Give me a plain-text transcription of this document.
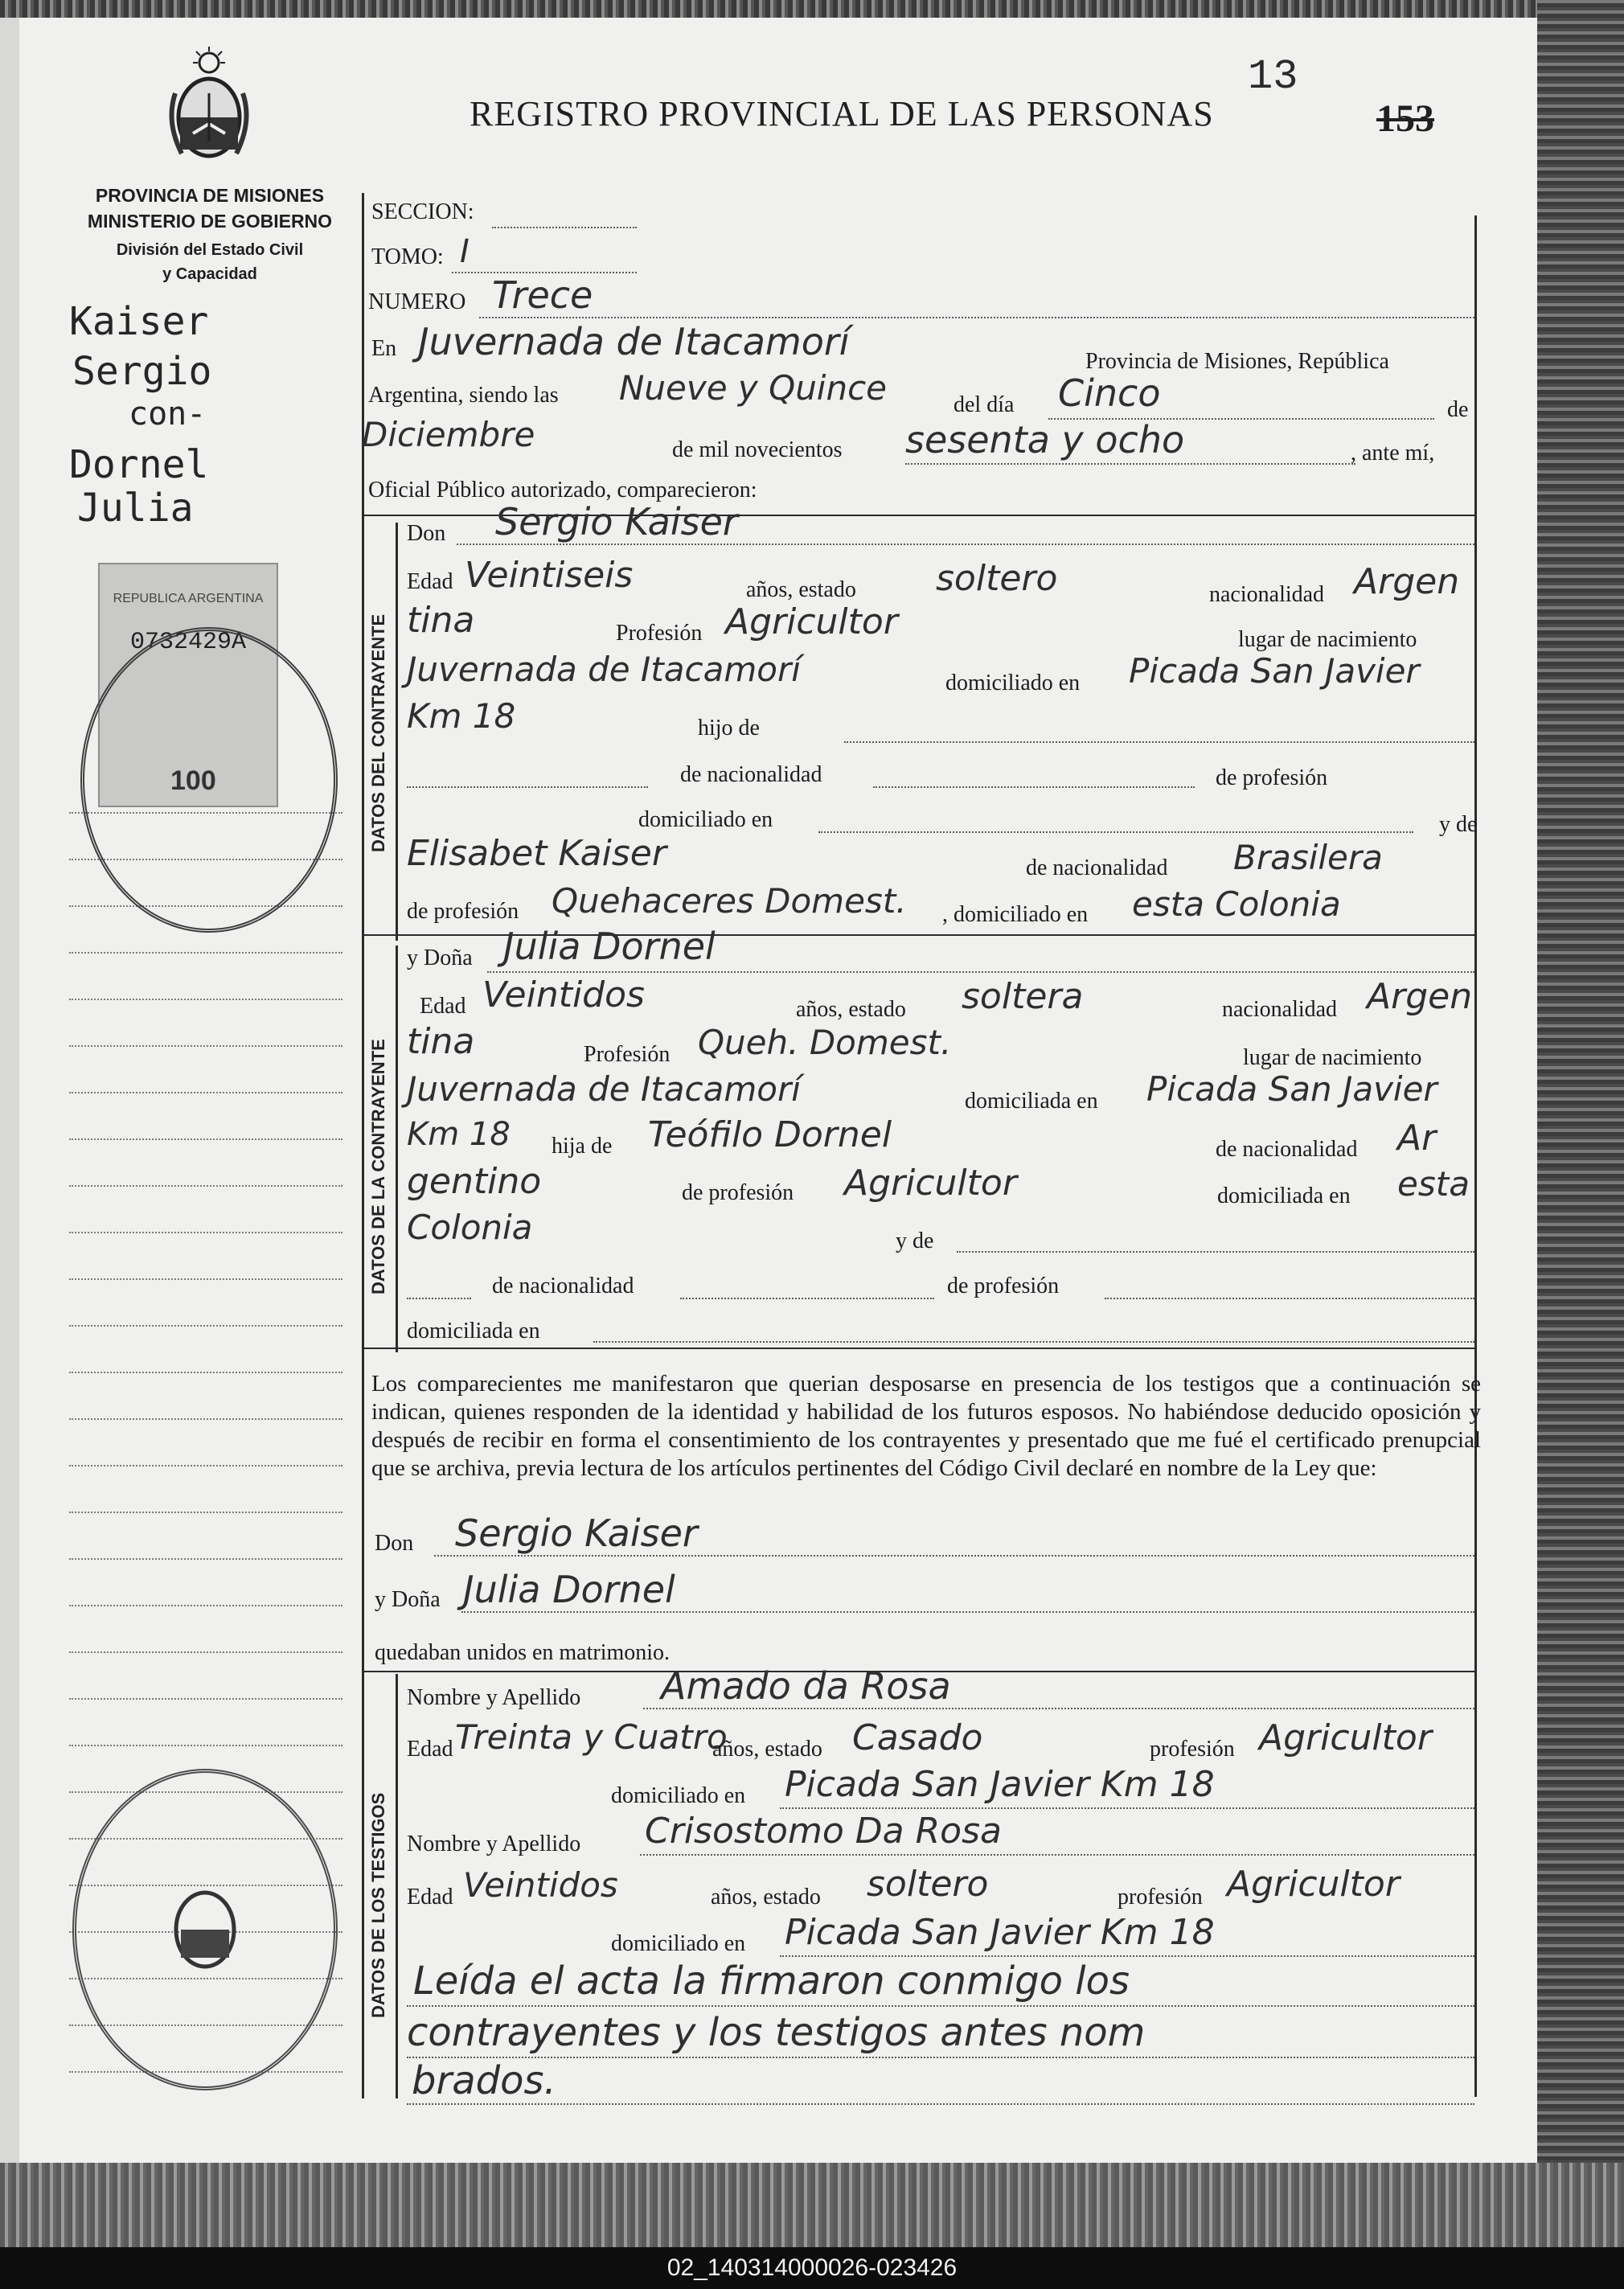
13
REGISTRO PROVINCIAL DE LAS PERSONAS	153
PROVINCIA DE MISIONES
MINISTERIO DE GOBIERNO
División del Estado Civil
y Capacidad
Kaiser
Sergio
con-
Dornel
Julia
REPUBLICA ARGENTINA
0732429A
100	DATOS DEL CONTRAYENTE
DATOS DE LA CONTRAYENTE
DATOS DE LOS TESTIGOS
SECCION:
TOMO: I
NUMERO Trece
En Juvernada de Itacamorí	Provincia de Misiones, República
Argentina, siendo las Nueve y Quince	del día Cinco	de
Diciembre	de mil novecientos sesenta y ocho	, ante mí,
Oficial Público autorizado, comparecieron:
Don Sergio Kaiser
Edad Veintiseis	años, estado soltero	nacionalidad Argen
tina	Profesión Agricultor	lugar de nacimiento
Juvernada de Itacamorí	domiciliado en Picada San Javier
Km 18	hijo de
de nacionalidad	de profesión
domiciliado en	y de
Elisabet Kaiser	de nacionalidad Brasilera
de profesión Quehaceres Domest. , domiciliado en esta Colonia
y Doña Julia Dornel
Edad Veintidos	años, estado soltera	nacionalidad Argen
tina	Profesión Queh. Domest.	lugar de nacimiento
Juvernada de Itacamorí	domiciliada en Picada San Javier
Km 18 hija de Teófilo Dornel	de nacionalidad Ar
gentino	de profesión Agricultor	domiciliada en esta
Colonia	y de
de nacionalidad	de profesión
domiciliada en
Los comparecientes me manifestaron que querian desposarse en presencia de los testigos que a continuación se indican, quienes responden de la identidad y habilidad de los futuros esposos. No habiéndose deducido oposición y después de recibir en forma el consentimiento de los contrayentes y presentado que me fué el certificado prenupcial que se archiva, previa lectura de los artículos pertinentes del Código Civil declaré en nombre de la Ley que:
Don Sergio Kaiser
y Doña Julia Dornel
quedaban unidos en matrimonio.
Nombre y Apellido Amado da Rosa
Edad Treinta y Cuatro
años, estado Casado	profesión Agricultor
domiciliado en Picada San Javier Km 18
Nombre y Apellido Crisostomo Da Rosa
Edad Veintidos	años, estado soltero	profesión Agricultor
domiciliado en Picada San Javier Km 18
Leída el acta la firmaron conmigo los
contrayentes y los testigos antes nom
brados.
02_140314000026-023426
